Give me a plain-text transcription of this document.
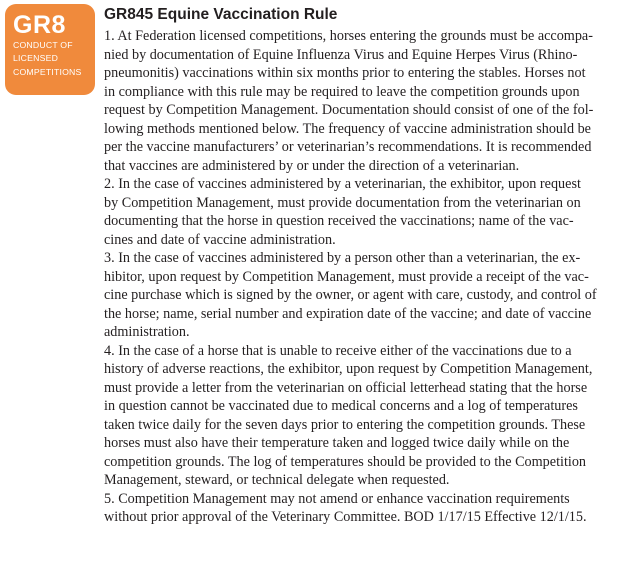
GR8
CONDUCT OF
LICENSED
COMPETITIONS
GR845 Equine Vaccination Rule
1. At Federation licensed competitions, horses entering the grounds must be accompa-
nied by documentation of Equine Influenza Virus and Equine Herpes Virus (Rhino-
pneumonitis) vaccinations within six months prior to entering the stables. Horses not
in compliance with this rule may be required to leave the competition grounds upon
request by Competition Management. Documentation should consist of one of the fol-
lowing methods mentioned below. The frequency of vaccine administration should be
per the vaccine manufacturers’ or veterinarian’s recommendations. It is recommended
that vaccines are administered by or under the direction of a veterinarian.
2. In the case of vaccines administered by a veterinarian, the exhibitor, upon request
by Competition Management, must provide documentation from the veterinarian on
documenting that the horse in question received the vaccinations; name of the vac-
cines and date of vaccine administration.
3. In the case of vaccines administered by a person other than a veterinarian, the ex-
hibitor, upon request by Competition Management, must provide a receipt of the vac-
cine purchase which is signed by the owner, or agent with care, custody, and control of
the horse; name, serial number and expiration date of the vaccine; and date of vaccine
administration.
4. In the case of a horse that is unable to receive either of the vaccinations due to a
history of adverse reactions, the exhibitor, upon request by Competition Management,
must provide a letter from the veterinarian on official letterhead stating that the horse
in question cannot be vaccinated due to medical concerns and a log of temperatures
taken twice daily for the seven days prior to entering the competition grounds. These
horses must also have their temperature taken and logged twice daily while on the
competition grounds. The log of temperatures should be provided to the Competition
Management, steward, or technical delegate when requested.
5. Competition Management may not amend or enhance vaccination requirements
without prior approval of the Veterinary Committee. BOD 1/17/15 Effective 12/1/15.
